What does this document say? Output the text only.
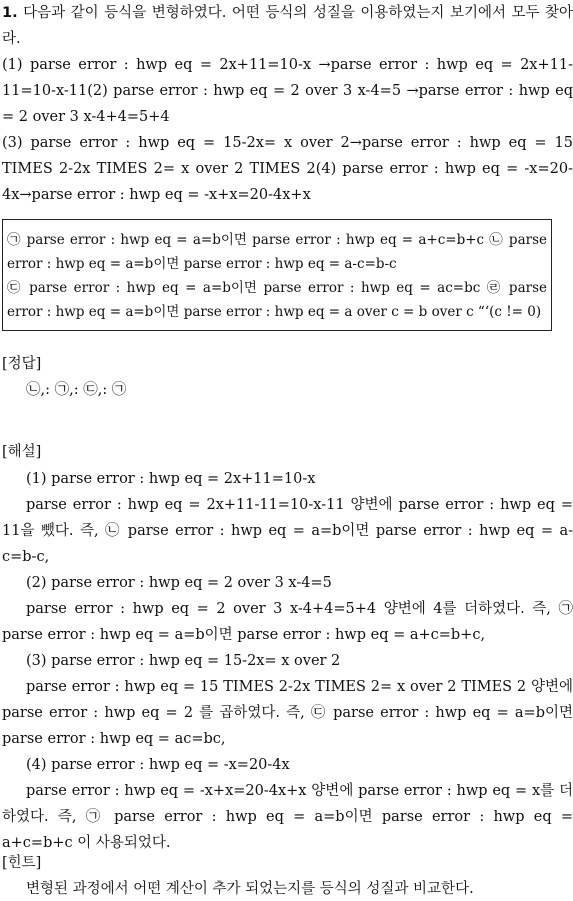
1. 다음과 같이 등식을 변형하였다. 어떤 등식의 성질을 이용하였는지 보기에서 모두 찾아라.

(1) parse error : hwp eq = 2x+11=10-x →parse error : hwp eq = 2x+11-11=10-x-11(2) parse error : hwp eq = 2 over 3 x-4=5 →parse error : hwp eq = 2 over 3 x-4+4=5+4

(3) parse error : hwp eq = 15-2x= x over 2→parse error : hwp eq = 15 TIMES 2-2x TIMES 2= x over 2 TIMES 2(4) parse error : hwp eq = -x=20-4x→parse error : hwp eq = -x+x=20-4x+x

㉠ parse error : hwp eq = a=b이면 parse error : hwp eq = a+c=b+c ㉡ parse error : hwp eq = a=b이면 parse error : hwp eq = a-c=b-c

㉢ parse error : hwp eq = a=b이면 parse error : hwp eq = ac=bc ㉣ parse error : hwp eq = a=b이면 parse error : hwp eq = a over c = b over c “‘(c != 0)

[정답]

㉡,: ㉠,: ㉢,: ㉠

[해설]

(1) parse error : hwp eq = 2x+11=10-x

parse error : hwp eq = 2x+11-11=10-x-11 양변에 parse error : hwp eq = 11을 뺐다. 즉, ㉡ parse error : hwp eq = a=b이면 parse error : hwp eq = a-c=b-c,

(2) parse error : hwp eq = 2 over 3 x-4=5

parse error : hwp eq = 2 over 3 x-4+4=5+4 양변에 4를 더하였다. 즉, ㉠ parse error : hwp eq = a=b이면 parse error : hwp eq = a+c=b+c,

(3) parse error : hwp eq = 15-2x= x over 2

parse error : hwp eq = 15 TIMES 2-2x TIMES 2= x over 2 TIMES 2 양변에 parse error : hwp eq = 2 를 곱하였다. 즉, ㉢ parse error : hwp eq = a=b이면 parse error : hwp eq = ac=bc,

(4) parse error : hwp eq = -x=20-4x

parse error : hwp eq = -x+x=20-4x+x 양변에 parse error : hwp eq = x를 더하였다. 즉, ㉠ parse error : hwp eq = a=b이면 parse error : hwp eq = a+c=b+c 이 사용되었다.

[힌트]

변형된 과정에서 어떤 계산이 추가 되었는지를 등식의 성질과 비교한다.
